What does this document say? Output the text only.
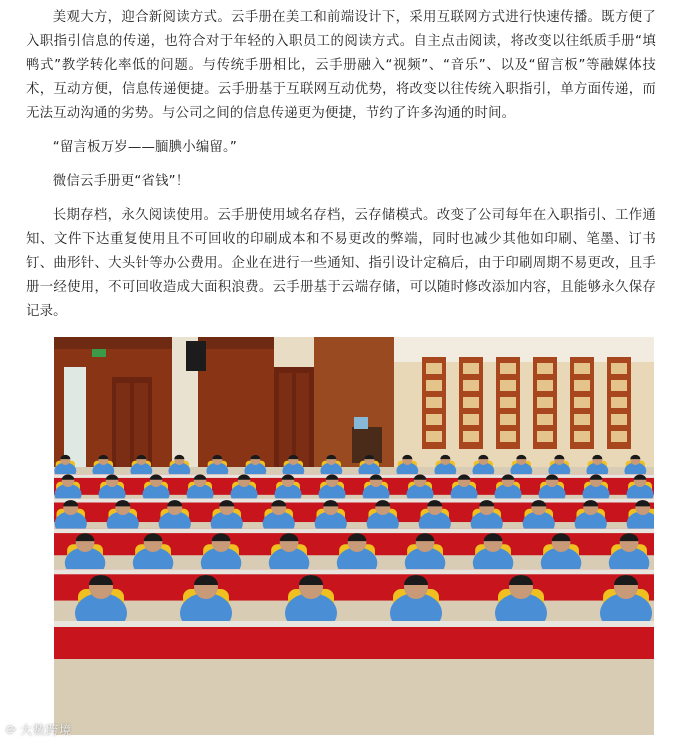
美观大方，迎合新阅读方式。云手册在美工和前端设计下，采用互联网方式进行快速传播。既方便了入职指引信息的传递，也符合对于年轻的入职员工的阅读方式。自主点击阅读，将改变以往纸质手册“填鸭式”教学转化率低的问题。与传统手册相比，云手册融入“视频”、“音乐”、以及“留言板”等融媒体技术，互动方便，信息传递便捷。云手册基于互联网互动优势，将改变以往传统入职指引，单方面传递，而无法互动沟通的劣势。与公司之间的信息传递更为便捷，节约了许多沟通的时间。

“留言板万岁——腼腆小编留。”

微信云手册更“省钱”！

长期存档，永久阅读使用。云手册使用域名存档，云存储模式。改变了公司每年在入职指引、工作通知、文件下达重复使用且不可回收的印刷成本和不易更改的弊端，同时也减少其他如印刷、笔墨、订书钉、曲形针、大头针等办公费用。企业在进行一些通知、指引设计定稿后，由于印刷周期不易更改，且手册一经使用，不可回收造成大面积浪费。云手册基于云端存储，可以随时修改添加内容，且能够永久保存记录。

⟳ 大数跨境
